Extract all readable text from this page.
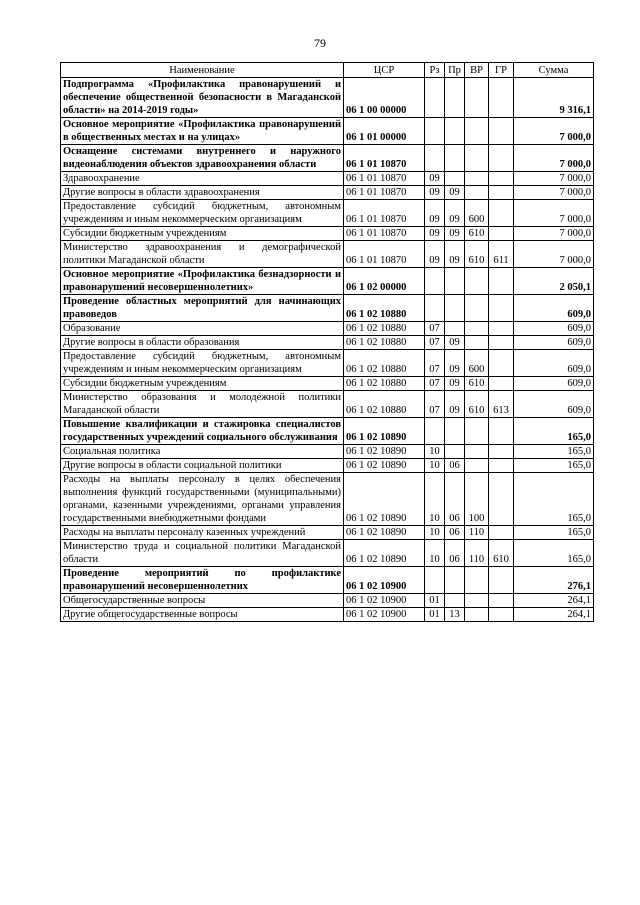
79
Наименование	ЦСР	Рз	Пр	ВР	ГР	Сумма
Подпрограмма «Профилактика правонарушений и обеспечение общественной безопасности в Магаданской области» на 2014-2019 годы»	06 1 00 00000					9 316,1
Основное мероприятие «Профилактика правонарушений в общественных местах и на улицах»	06 1 01 00000					7 000,0
Оснащение системами внутреннего и наружного видеонаблюдения объектов здравоохранения области	06 1 01 10870					7 000,0
Здравоохранение	06 1 01 10870	09				7 000,0
Другие вопросы в области здравоохранения	06 1 01 10870	09	09			7 000,0
Предоставление субсидий бюджетным, автономным учреждениям и иным некоммерческим организациям	06 1 01 10870	09	09	600		7 000,0
Субсидии бюджетным учреждениям	06 1 01 10870	09	09	610		7 000,0
Министерство здравоохранения и демографической политики Магаданской области	06 1 01 10870	09	09	610	611	7 000,0
Основное мероприятие «Профилактика безнадзорности и правонарушений несовершеннолетних»	06 1 02 00000					2 050,1
Проведение областных мероприятий для начинающих правоведов	06 1 02 10880					609,0
Образование	06 1 02 10880	07				609,0
Другие вопросы в области образования	06 1 02 10880	07	09			609,0
Предоставление субсидий бюджетным, автономным учреждениям и иным некоммерческим организациям	06 1 02 10880	07	09	600		609,0
Субсидии бюджетным учреждениям	06 1 02 10880	07	09	610		609,0
Министерство образования и молодежной политики Магаданской области	06 1 02 10880	07	09	610	613	609,0
Повышение квалификации и стажировка специалистов государственных учреждений социального обслуживания	06 1 02 10890					165,0
Социальная политика	06 1 02 10890	10				165,0
Другие вопросы в области социальной политики	06 1 02 10890	10	06			165,0
Расходы на выплаты персоналу в целях обеспечения выполнения функций государственными (муниципальными) органами, казенными учреждениями, органами управления государственными внебюджетными фондами	06 1 02 10890	10	06	100		165,0
Расходы на выплаты персоналу казенных учреждений	06 1 02 10890	10	06	110		165,0
Министерство труда и социальной политики Магаданской области	06 1 02 10890	10	06	110	610	165,0
Проведение мероприятий по профилактике правонарушений несовершеннолетних	06 1 02 10900					276,1
Общегосударственные вопросы	06 1 02 10900	01				264,1
Другие общегосударственные вопросы	06 1 02 10900	01	13			264,1
